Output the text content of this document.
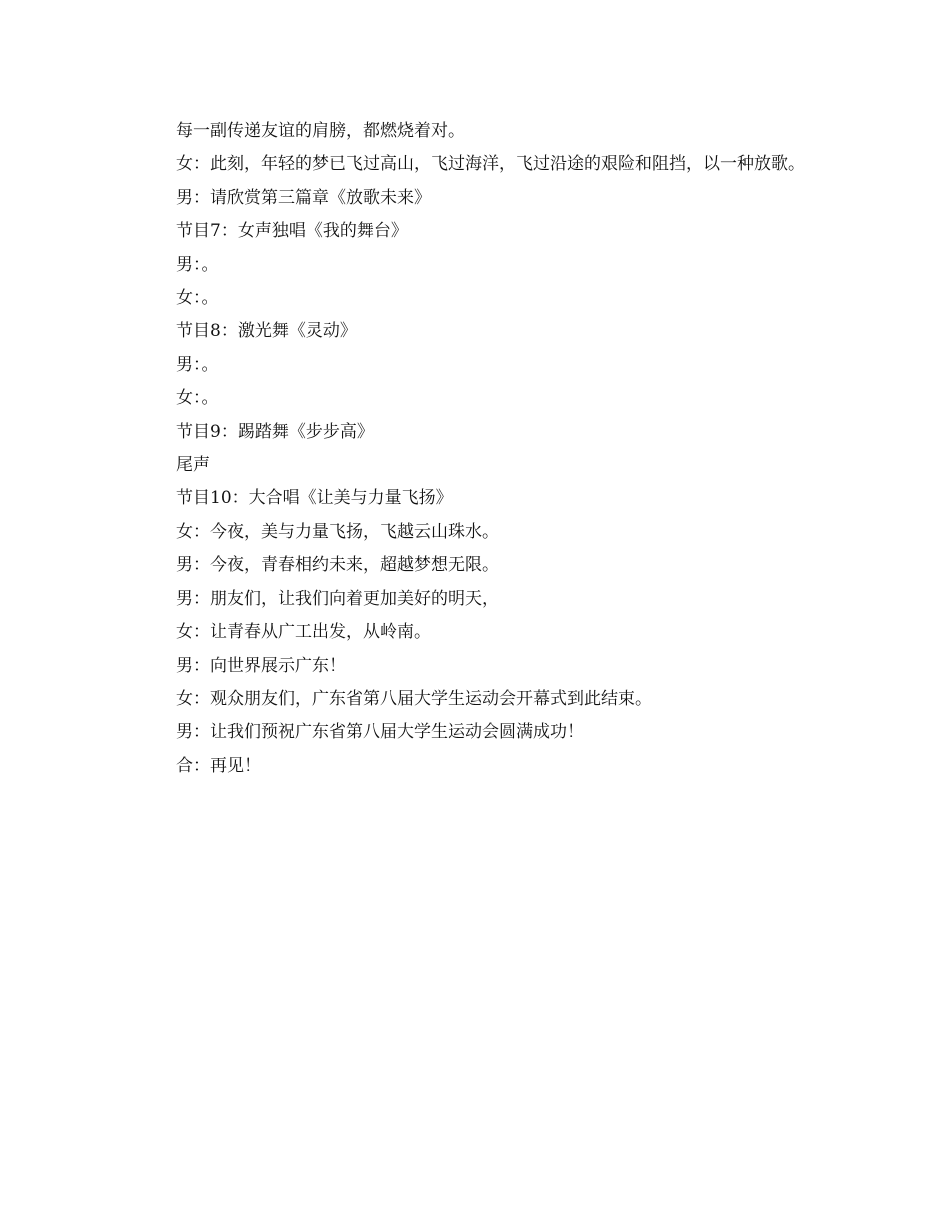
每一副传递友谊的肩膀，都燃烧着对。

女：此刻，年轻的梦已飞过高山，飞过海洋，飞过沿途的艰险和阻挡，以一种放歌。

男：请欣赏第三篇章《放歌未来》

节目7：女声独唱《我的舞台》

男：。

女：。

节目8：激光舞《灵动》

男：。

女：。

节目9：踢踏舞《步步高》

尾声

节目10：大合唱《让美与力量飞扬》

女：今夜，美与力量飞扬，飞越云山珠水。

男：今夜，青春相约未来，超越梦想无限。

男：朋友们，让我们向着更加美好的明天，

女：让青春从广工出发，从岭南。

男：向世界展示广东！

女：观众朋友们，广东省第八届大学生运动会开幕式到此结束。

男：让我们预祝广东省第八届大学生运动会圆满成功！

合：再见！
